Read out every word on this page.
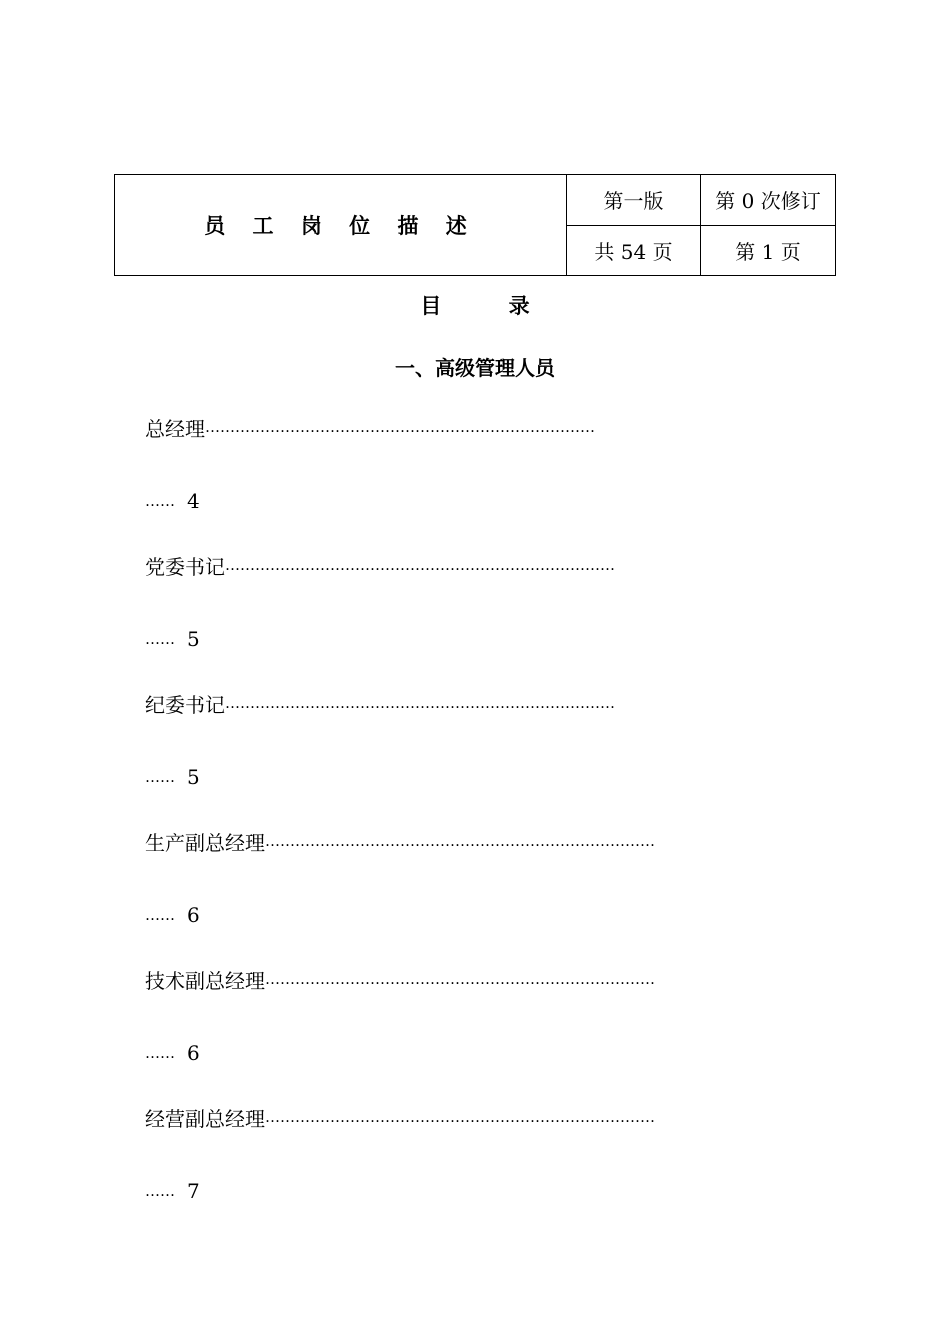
员 工 岗 位 描 述	第一版	第 0 次修订
	共 54 页	第 1 页
目 录
一、高级管理人员
总经理 ……………………………………………………………………
…… 4
党委书记 ……………………………………………………………………
…… 5
纪委书记 ……………………………………………………………………
…… 5
生产副总经理 ……………………………………………………………………
…… 6
技术副总经理 ……………………………………………………………………
…… 6
经营副总经理 ……………………………………………………………………
…… 7
